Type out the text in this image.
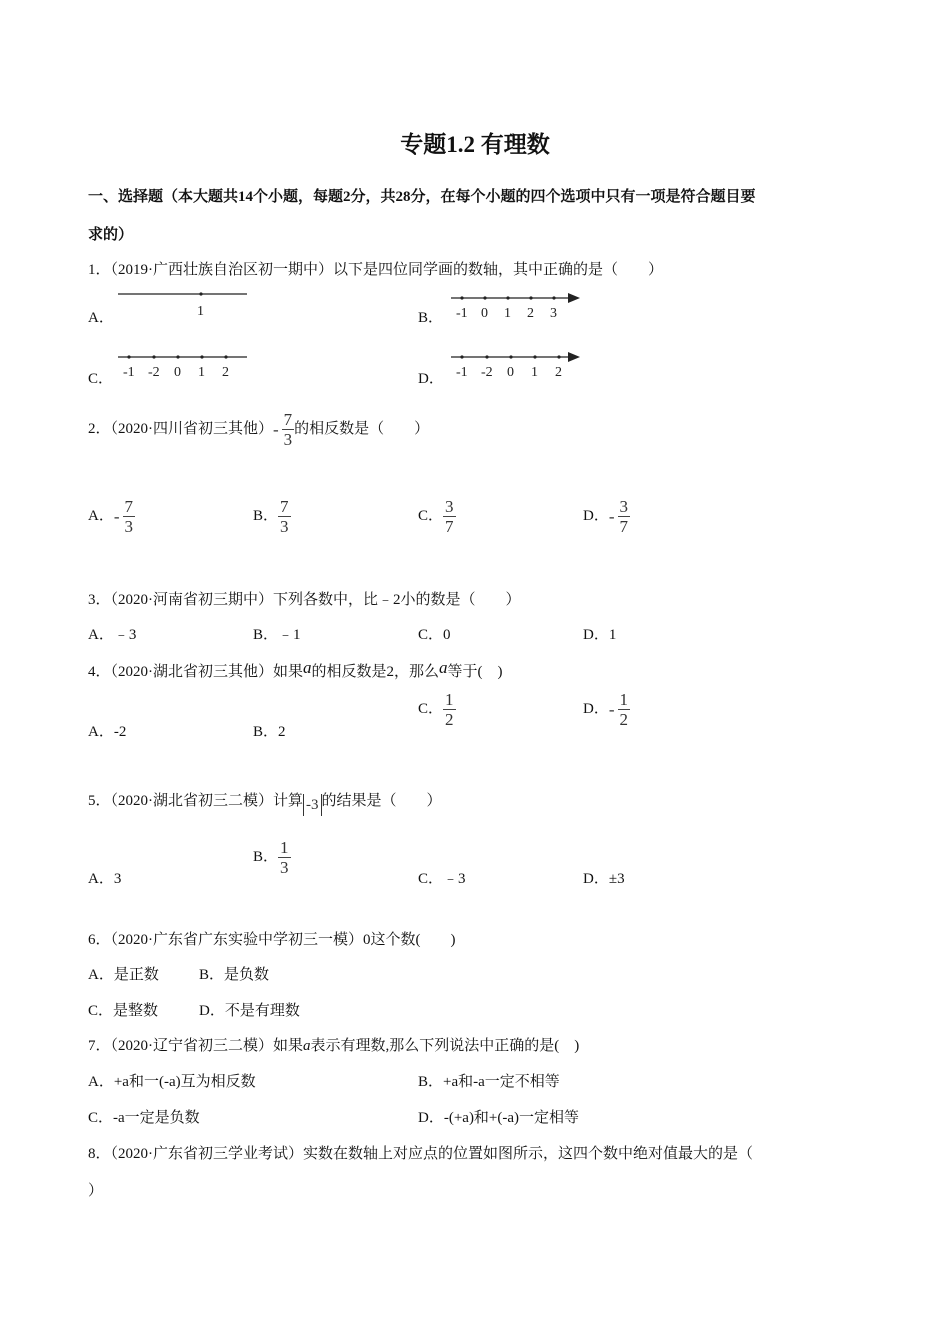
专题1.2 有理数
一、选择题（本大题共14个小题，每题2分，共28分，在每个小题的四个选项中只有一项是符合题目要
求的）
1．（2019·广西壮族自治区初一期中）以下是四位同学画的数轴，其中正确的是（　　）
A．	1	B． -1 0 1 2 3
C． -1 -2 0 1 2	D． -1 -2 0 1 2
2．（2020·四川省初三其他）- $\frac{7}{3}$ 的相反数是（　　）
A．- $\frac{7}{3}$	B． $\frac{7}{3}$	C． $\frac{3}{7}$	D．- $\frac{3}{7}$
3．（2020·河南省初三期中）下列各数中，比﹣2小的数是（　　）
A．﹣3	B．﹣1	C．0	D．1
4．（2020·湖北省初三其他）如果a的相反数是2，那么a等于(　)
A．-2	B．2
C． $\frac{1}{2}$	D．- $\frac{1}{2}$
5．（2020·湖北省初三二模）计算 -3 的结果是（　　）
A．3
B． $\frac{1}{3}$
C．﹣3	D．±3
6．（2020·广东省广东实验中学初三一模）0这个数(　　)
A．是正数	B．是负数
C．是整数	D．不是有理数
7．（2020·辽宁省初三二模）如果a表示有理数,那么下列说法中正确的是(　)
A．+a和一(-a)互为相反数	B．+a和-a一定不相等
C．-a一定是负数	D．-(+a)和+(-a)一定相等
8．（2020·广东省初三学业考试）实数在数轴上对应点的位置如图所示，这四个数中绝对值最大的是（
）
